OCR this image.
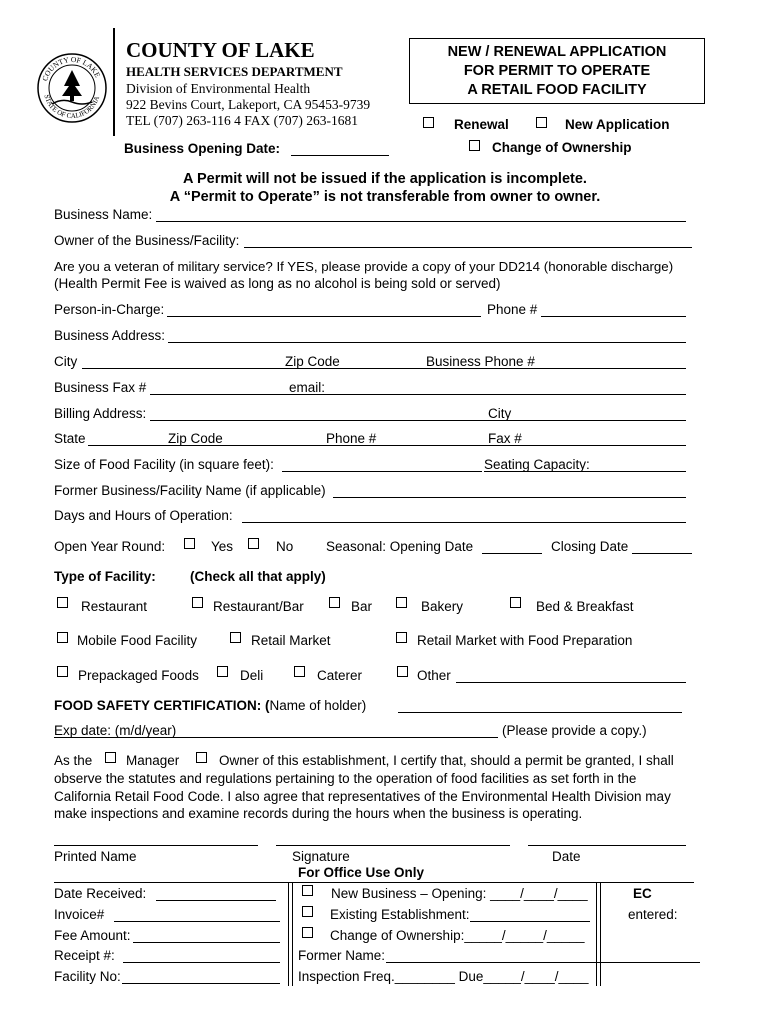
COUNTY OF LAKE
STATE OF CALIFORNIA
COUNTY OF LAKE
HEALTH SERVICES DEPARTMENT
Division of Environmental Health
922 Bevins Court, Lakeport, CA 95453-9739
TEL (707) 263-116 4 FAX (707) 263-1681
Business Opening Date:
NEW / RENEWAL APPLICATION
FOR PERMIT TO OPERATE
A RETAIL FOOD FACILITY
Renewal	New Application
Change of Ownership
A Permit will not be issued if the application is incomplete.
A “Permit to Operate” is not transferable from owner to owner.
Business Name:
Owner of the Business/Facility:
Are you a veteran of military service? If YES, please provide a copy of your DD214 (honorable discharge)
(Health Permit Fee is waived as long as no alcohol is being sold or served)
Person-in-Charge:	Phone #
Business Address:
City	Zip Code	Business Phone #
Business Fax #	email:
Billing Address:	City
State	Zip Code	Phone #	Fax #
Size of Food Facility (in square feet):	Seating Capacity:
Former Business/Facility Name (if applicable)
Days and Hours of Operation:
Open Year Round:	Yes	No Seasonal: Opening Date	Closing Date
Type of Facility:	(Check all that apply)
Restaurant	Restaurant/Bar	Bar	Bakery	Bed & Breakfast
Mobile Food Facility	Retail Market	Retail Market with Food Preparation
Prepackaged Foods	Deli	Caterer	Other
FOOD SAFETY CERTIFICATION: (Name of holder)
Exp date: (m/d/year)	(Please provide a copy.)
As the Manager	Owner of this establishment, I certify that, should a permit be granted, I shall
observe the statutes and regulations pertaining to the operation of food facilities as set forth in the
California Retail Food Code. I also agree that representatives of the Environmental Health Division may
make inspections and examine records during the hours when the business is operating.
Printed Name	Signature	Date
For Office Use Only
Date Received:
Invoice#
Fee Amount:
Receipt #:
Facility No:
New Business – Opening: ____/____/____
Existing Establishment:
Change of Ownership:_____/_____/_____
Former Name:
Inspection Freq.________ Due_____/____/____
EC
entered:
